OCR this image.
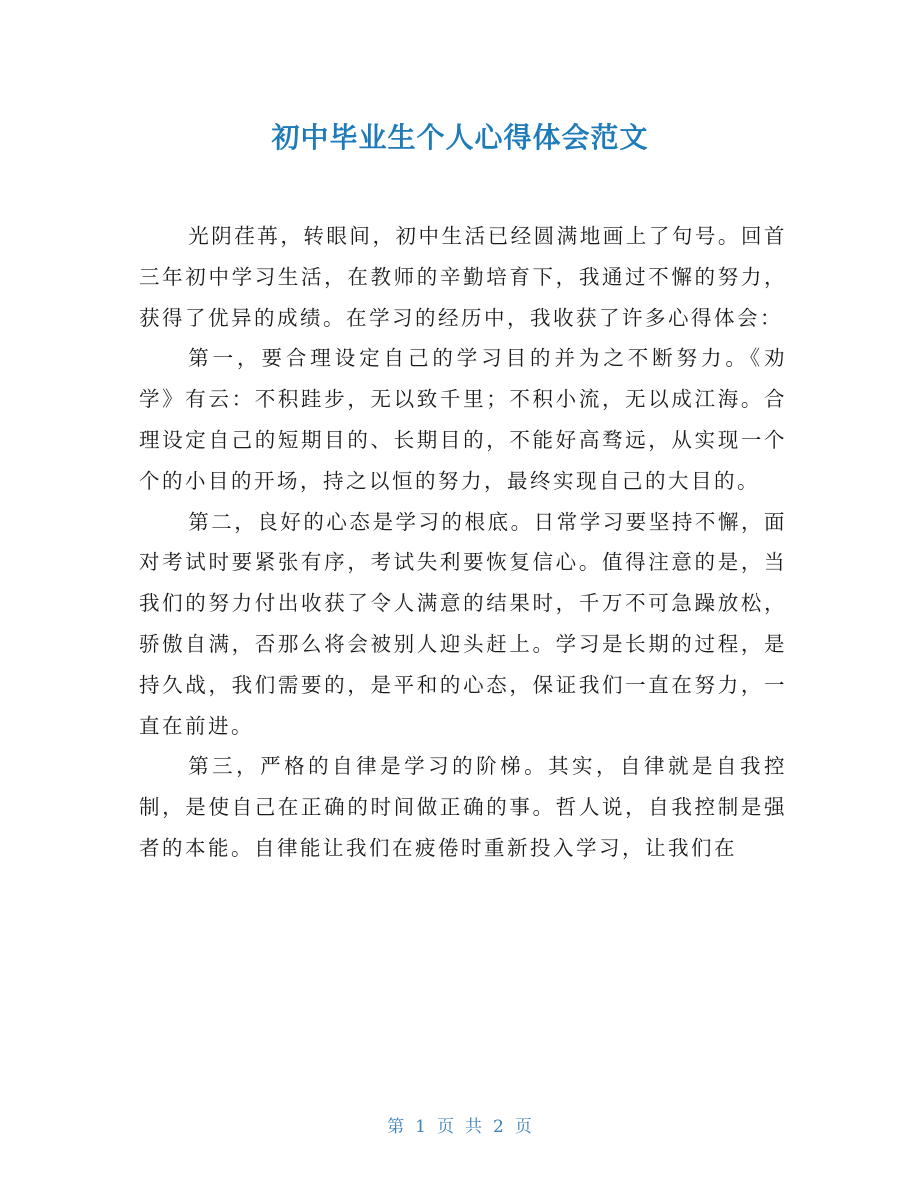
初中毕业生个人心得体会范文

光阴荏苒，转眼间，初中生活已经圆满地画上了句号。回首三年初中学习生活，在教师的辛勤培育下，我通过不懈的努力，获得了优异的成绩。在学习的经历中，我收获了许多心得体会：

第一，要合理设定自己的学习目的并为之不断努力。《劝学》有云：不积跬步，无以致千里；不积小流，无以成江海。合理设定自己的短期目的、长期目的，不能好高骛远，从实现一个个的小目的开场，持之以恒的努力，最终实现自己的大目的。

第二，良好的心态是学习的根底。日常学习要坚持不懈，面对考试时要紧张有序，考试失利要恢复信心。值得注意的是，当我们的努力付出收获了令人满意的结果时，千万不可急躁放松，骄傲自满，否那么将会被别人迎头赶上。学习是长期的过程，是持久战，我们需要的，是平和的心态，保证我们一直在努力，一直在前进。

第三，严格的自律是学习的阶梯。其实，自律就是自我控制，是使自己在正确的时间做正确的事。哲人说，自我控制是强者的本能。自律能让我们在疲倦时重新投入学习，让我们在

第 1 页 共 2 页
